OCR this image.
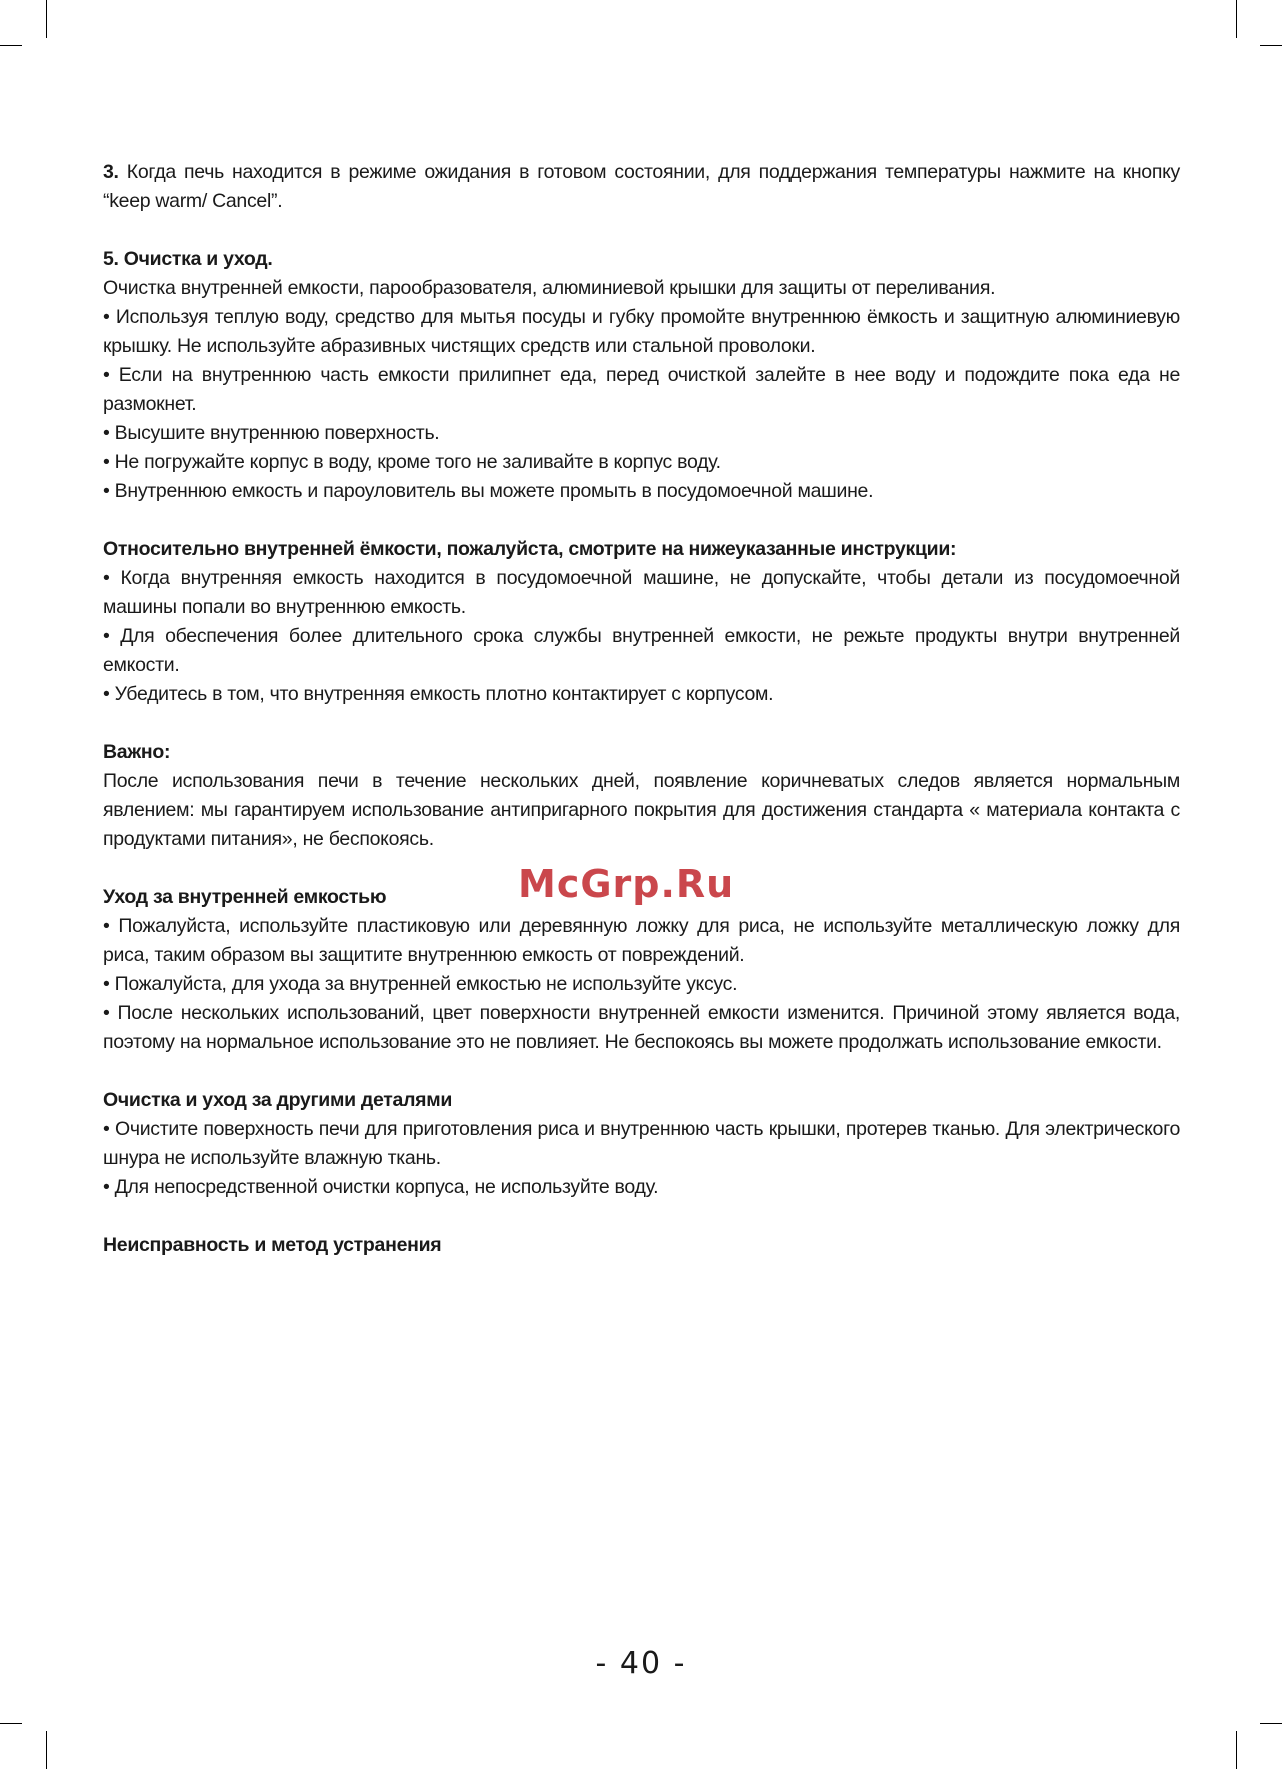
3. Когда печь находится в режиме ожидания в готовом состоянии, для поддержания температуры нажмите на кнопку “keep warm/ Cancel”.

5. Очистка и уход.

Очистка внутренней емкости, парообразователя, алюминиевой крышки для защиты от переливания.

• Используя теплую воду, средство для мытья посуды и губку промойте внутреннюю ёмкость и защитную алюминиевую крышку. Не используйте абразивных чистящих средств или стальной проволоки.

• Если на внутреннюю часть емкости прилипнет еда, перед очисткой залейте в нее воду и подождите пока еда не размокнет.

• Высушите внутреннюю поверхность.

• Не погружайте корпус в воду, кроме того не заливайте в корпус воду.

• Внутреннюю емкость и пароуловитель вы можете промыть в посудомоечной машине.

Относительно внутренней ёмкости, пожалуйста, смотрите на нижеуказанные инструкции:

• Когда внутренняя емкость находится в посудомоечной машине, не допускайте, чтобы детали из посудомоечной машины попали во внутреннюю емкость.

• Для обеспечения более длительного срока службы внутренней емкости, не режьте продукты внутри внутренней емкости.

• Убедитесь в том, что внутренняя емкость плотно контактирует с корпусом.

Важно:

После использования печи в течение нескольких дней, появление коричневатых следов является нормальным явлением: мы гарантируем использование антипригарного покрытия для достижения стандарта « материала контакта с продуктами питания», не беспокоясь.

Уход за внутренней емкостью

• Пожалуйста, используйте пластиковую или деревянную ложку для риса, не используйте металлическую ложку для риса, таким образом вы защитите внутреннюю емкость от повреждений.

• Пожалуйста, для ухода за внутренней емкостью не используйте уксус.

• После нескольких использований, цвет поверхности внутренней емкости изменится. Причиной этому является вода, поэтому на нормальное использование это не повлияет. Не беспокоясь вы можете продолжать использование емкости.

Очистка и уход за другими деталями

• Очистите поверхность печи для приготовления риса и внутреннюю часть крышки, протерев тканью. Для электрического шнура не используйте влажную ткань.

• Для непосредственной очистки корпуса, не используйте воду.

Неисправность и метод устранения

McGrp.Ru
- 40 -
